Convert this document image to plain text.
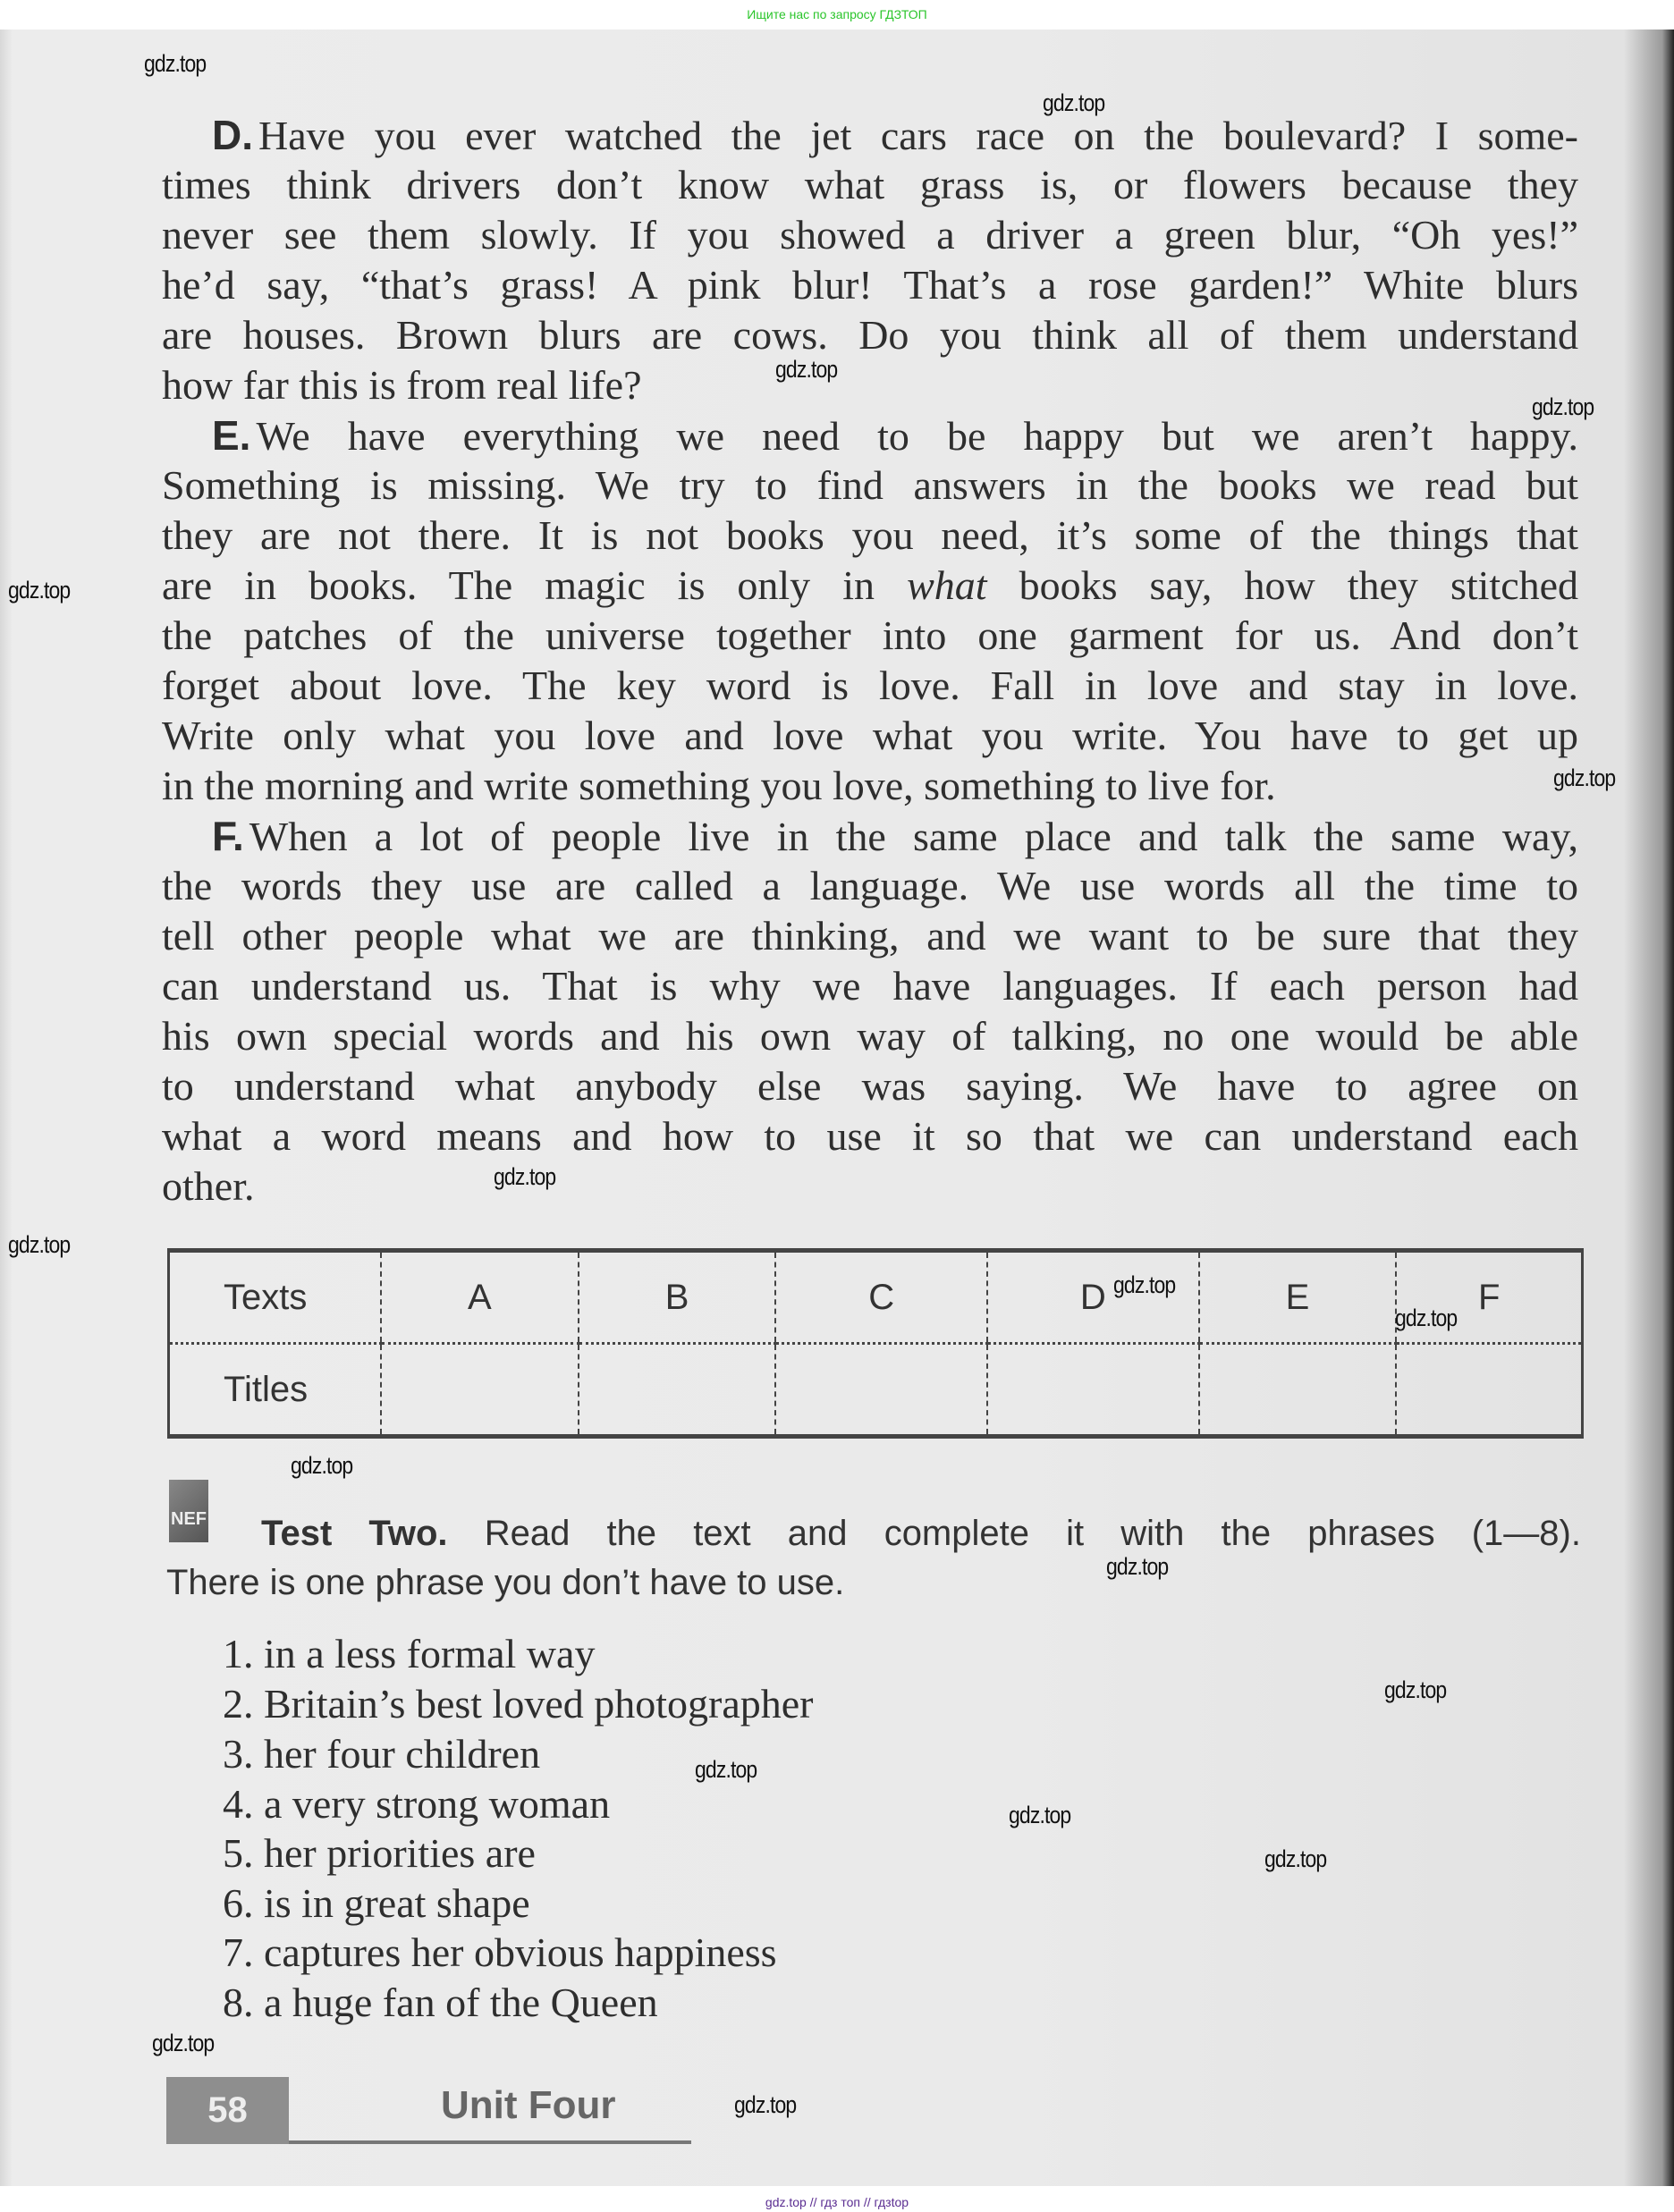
Ищите нас по запросу ГДЗТОП
D. Have you ever watched the jet cars race on the boulevard? I some-
times think drivers don’t know what grass is, or flowers because they
never see them slowly. If you showed a driver a green blur, “Oh yes!”
he’d say, “that’s grass! A pink blur! That’s a rose garden!” White blurs
are houses. Brown blurs are cows. Do you think all of them understand
how far this is from real life?
E. We have everything we need to be happy but we aren’t happy.
Something is missing. We try to find answers in the books we read but
they are not there. It is not books you need, it’s some of the things that
are in books. The magic is only in what books say, how they stitched
the patches of the universe together into one garment for us. And don’t
forget about love. The key word is love. Fall in love and stay in love.
Write only what you love and love what you write. You have to get up
in the morning and write something you love, something to live for.
F. When a lot of people live in the same place and talk the same way,
the words they use are called a language. We use words all the time to
tell other people what we are thinking, and we want to be sure that they
can understand us. That is why we have languages. If each person had
his own special words and his own way of talking, no one would be able
to understand what anybody else was saying. We have to agree on
what a word means and how to use it so that we can understand each
other.
Texts	A	B	C	D	E	F
Titles						
NEF	Test Two. Read the text and complete it with the phrases (1—8).
There is one phrase you don’t have to use.
1. in a less formal way
2. Britain’s best loved photographer
3. her four children
4. a very strong woman
5. her priorities are
6. is in great shape
7. captures her obvious happiness
8. a huge fan of the Queen
58	Unit Four
gdz.top
gdz.top
gdz.top
gdz.top
gdz.top
gdz.top
gdz.top
gdz.top
gdz.top
gdz.top
gdz.top
gdz.top
gdz.top
gdz.top
gdz.top
gdz.top
gdz.top
gdz.top
gdz.top // гдз топ // гдзtop
